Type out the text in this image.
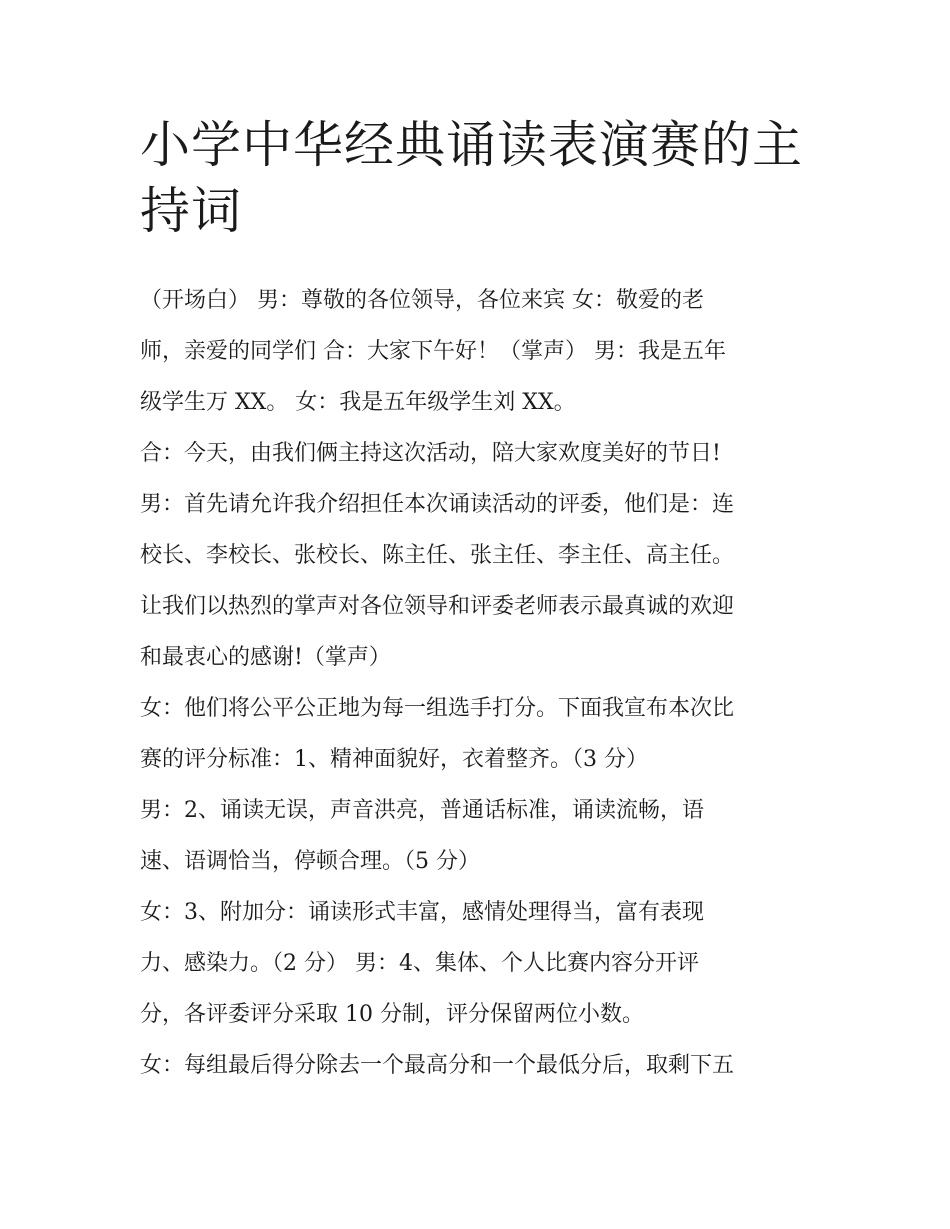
小学中华经典诵读表演赛的主
持词
（开场白） 男：尊敬的各位领导，各位来宾 女：敬爱的老
师，亲爱的同学们 合：大家下午好！（掌声） 男：我是五年
级学生万 XX。 女：我是五年级学生刘 XX。
合：今天，由我们俩主持这次活动，陪大家欢度美好的节日!
男：首先请允许我介绍担任本次诵读活动的评委，他们是：连
校长、李校长、张校长、陈主任、张主任、李主任、高主任。
让我们以热烈的掌声对各位领导和评委老师表示最真诚的欢迎
和最衷心的感谢!（掌声）
女：他们将公平公正地为每一组选手打分。下面我宣布本次比
赛的评分标准：1、精神面貌好，衣着整齐。（3 分）
男：2、诵读无误，声音洪亮，普通话标准，诵读流畅，语
速、语调恰当，停顿合理。（5 分）
女：3、附加分：诵读形式丰富，感情处理得当，富有表现
力、感染力。（2 分） 男：4、集体、个人比赛内容分开评
分，各评委评分采取 10 分制，评分保留两位小数。
女：每组最后得分除去一个最高分和一个最低分后，取剩下五
